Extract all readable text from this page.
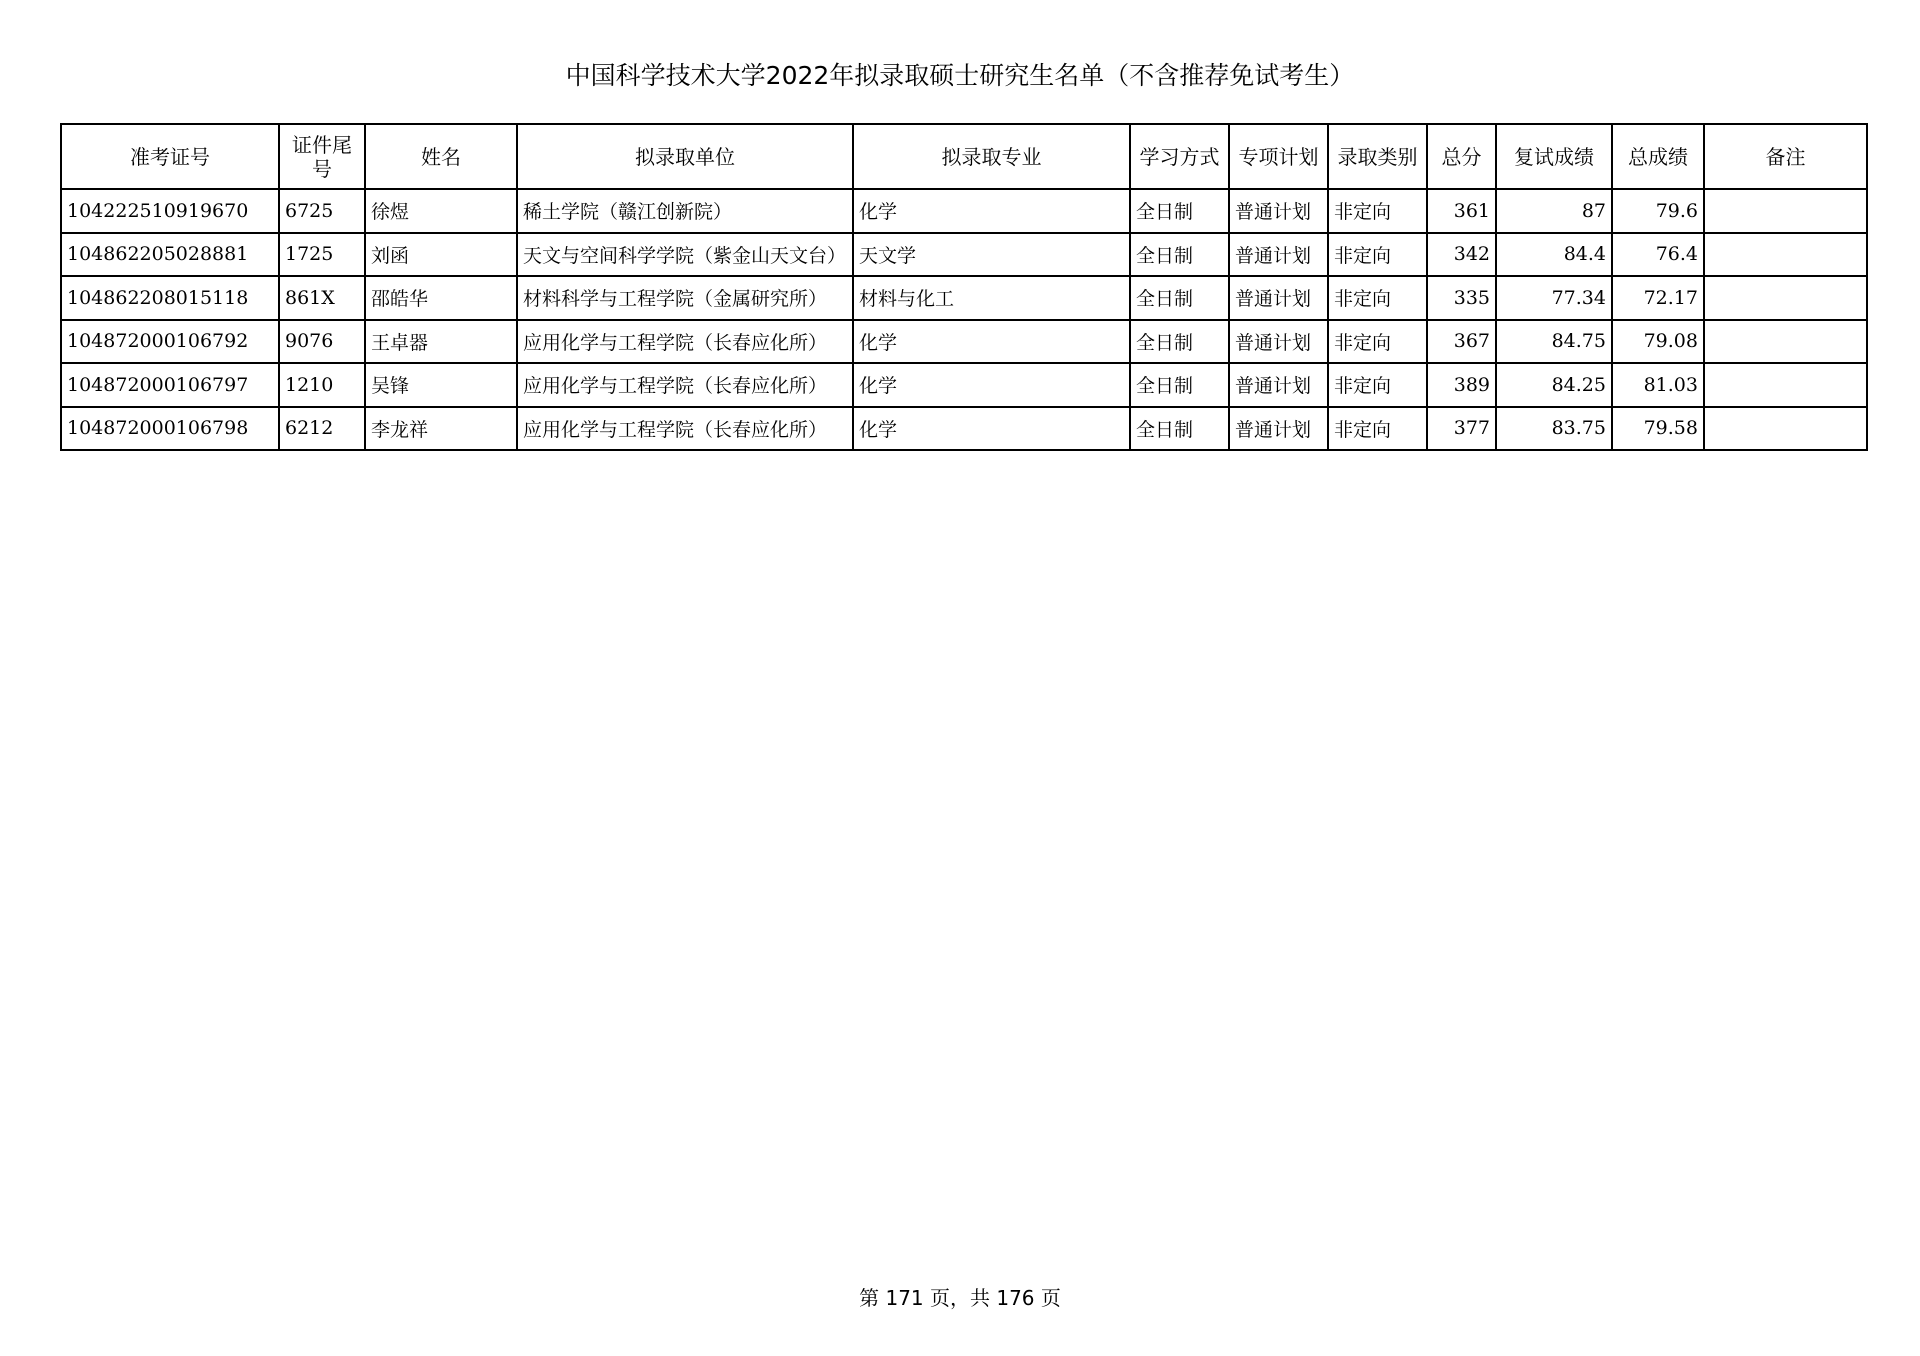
中国科学技术大学2022年拟录取硕士研究生名单（不含推荐免试考生）
准考证号	证件尾号	姓名	拟录取单位	拟录取专业	学习方式	专项计划	录取类别	总分	复试成绩	总成绩	备注
104222510919670	6725	徐煜	稀土学院（赣江创新院）	化学	全日制	普通计划	非定向	361	87	79.6	
104862205028881	1725	刘函	天文与空间科学学院（紫金山天文台）	天文学	全日制	普通计划	非定向	342	84.4	76.4	
104862208015118	861X	邵皓华	材料科学与工程学院（金属研究所）	材料与化工	全日制	普通计划	非定向	335	77.34	72.17	
104872000106792	9076	王卓器	应用化学与工程学院（长春应化所）	化学	全日制	普通计划	非定向	367	84.75	79.08	
104872000106797	1210	吴锋	应用化学与工程学院（长春应化所）	化学	全日制	普通计划	非定向	389	84.25	81.03	
104872000106798	6212	李龙祥	应用化学与工程学院（长春应化所）	化学	全日制	普通计划	非定向	377	83.75	79.58	
第 171 页，共 176 页
